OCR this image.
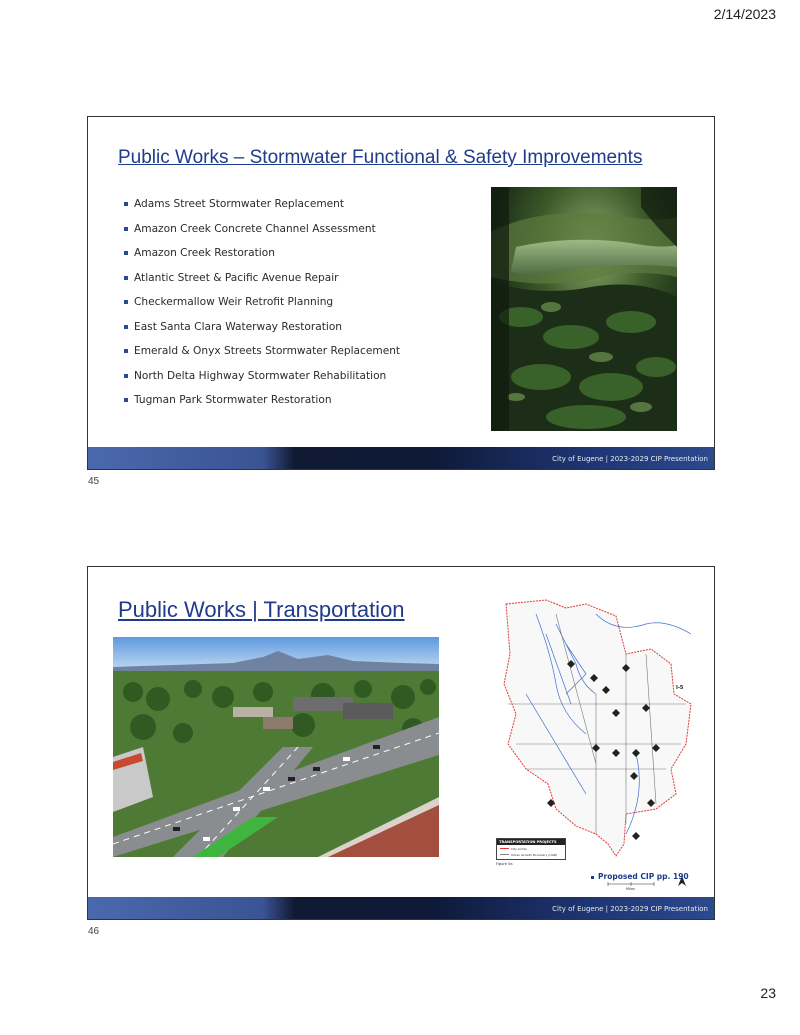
2/14/2023
Public Works – Stormwater Functional & Safety Improvements
Adams Street Stormwater Replacement
Amazon Creek Concrete Channel Assessment
Amazon Creek Restoration
Atlantic Street & Pacific Avenue Repair
Checkermallow Weir Retrofit Planning
East Santa Clara Waterway Restoration
Emerald & Onyx Streets Stormwater Replacement
North Delta Highway Stormwater Rehabilitation
Tugman Park Stormwater Restoration
City of Eugene | 2023-2029 CIP Presentation
45
Public Works | Transportation
I-5
Miles
TRANSPORTATION PROJECTS
City Limits
Urban Growth Boundary (UGB)
Figure 5a
Proposed CIP pp. 190
City of Eugene | 2023-2029 CIP Presentation
46
23
